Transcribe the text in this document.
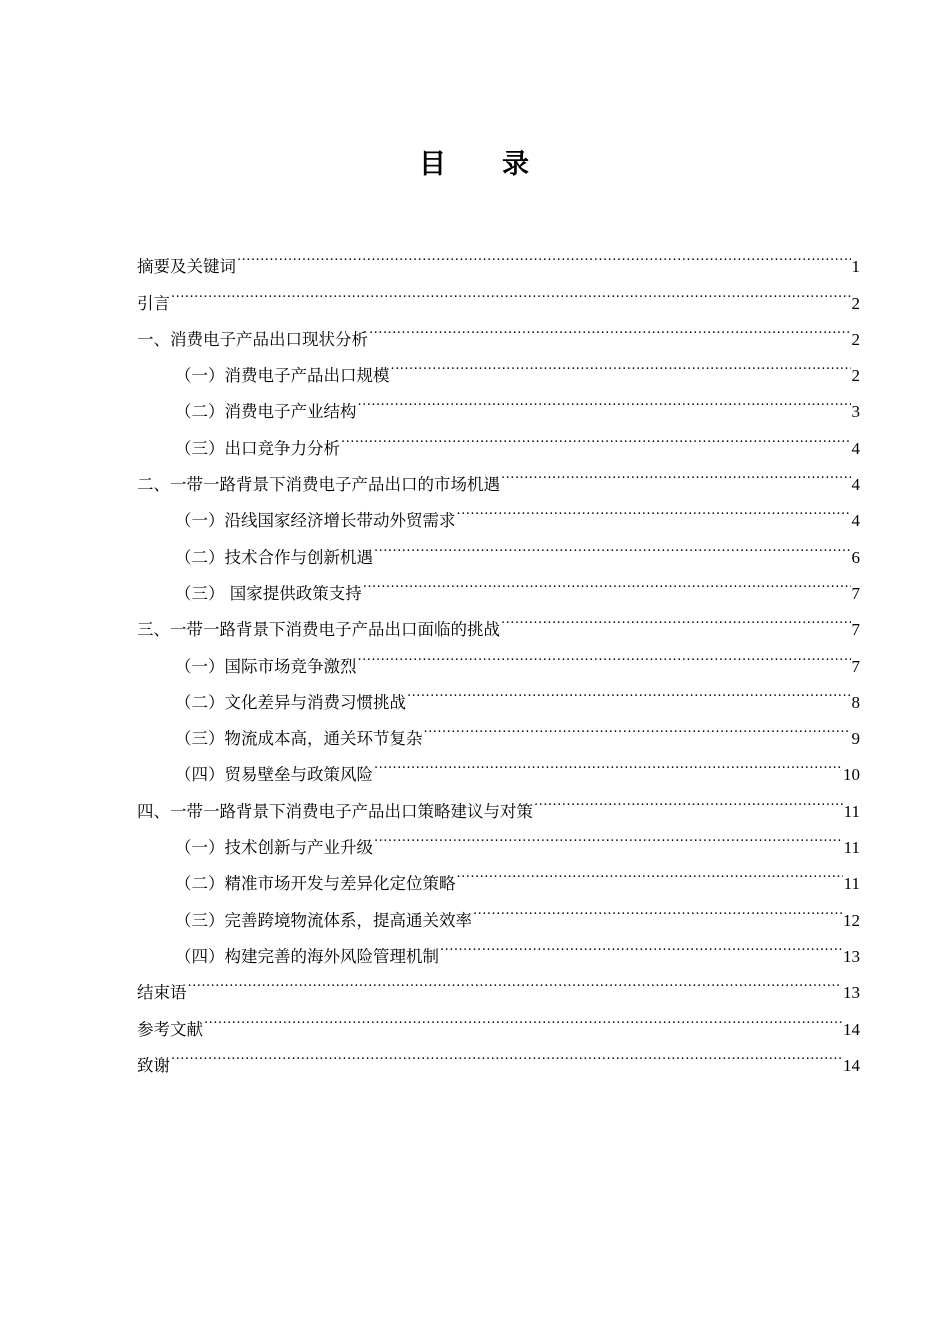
目 录
摘要及关键词 .....	1
引言 .....	2
一、消费电子产品出口现状分析 .....	2
（一）消费电子产品出口规模 .....	2
（二）消费电子产业结构 .....	3
（三）出口竞争力分析 .....	4
二、一带一路背景下消费电子产品出口的市场机遇 .....	4
（一）沿线国家经济增长带动外贸需求 .....	4
（二）技术合作与创新机遇 .....	6
（三） 国家提供政策支持 .....	7
三、一带一路背景下消费电子产品出口面临的挑战 .....	7
（一）国际市场竞争激烈 .....	7
（二）文化差异与消费习惯挑战 .....	8
（三）物流成本高，通关环节复杂 .....	9
（四）贸易壁垒与政策风险 .....	10
四、一带一路背景下消费电子产品出口策略建议与对策 .....	11
（一）技术创新与产业升级 .....	11
（二）精准市场开发与差异化定位策略 .....	11
（三）完善跨境物流体系，提高通关效率 .....	12
（四）构建完善的海外风险管理机制 .....	13
结束语 .....	13
参考文献 .....	14
致谢 .....	14
